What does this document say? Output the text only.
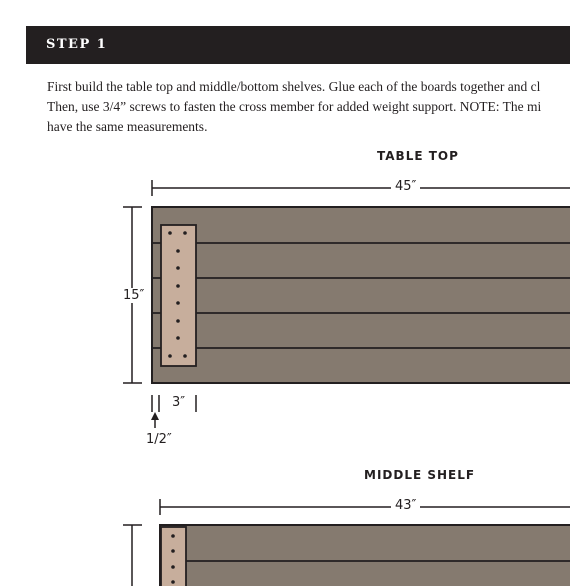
STEP 1
First build the table top and middle/bottom shelves. Glue each of the boards together and cl
Then, use 3/4” screws to fasten the cross member for added weight support. NOTE: The mi
have the same measurements.
TABLE TOP
45″
15″
3″
1/2″
MIDDLE SHELF
43″
